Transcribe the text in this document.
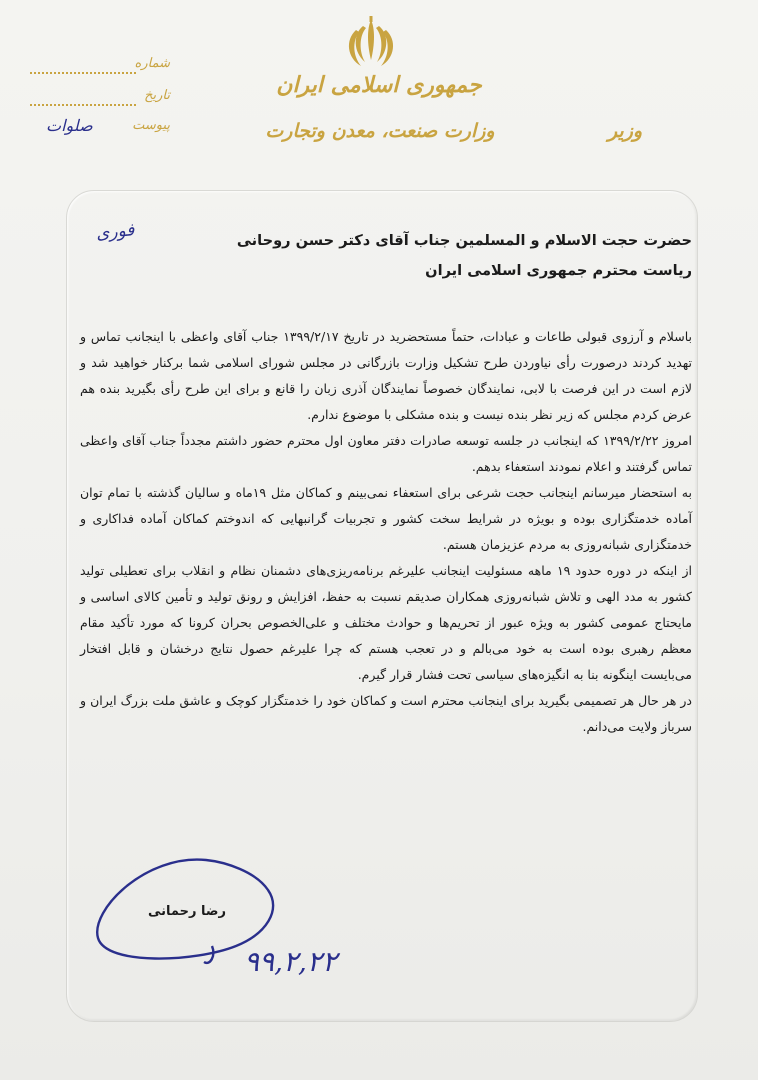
جمهوری اسلامی ایران
وزارت صنعت، معدن وتجارت	وزیر
شماره
تاریخ
پیوست
صلوات
فوری	حضرت حجت الاسلام و المسلمین جناب آقای دکتر حسن روحانی
ریاست محترم جمهوری اسلامی ایران
باسلام و آرزوی قبولی طاعات و عبادات، حتماً مستحضرید در تاریخ ۱۳۹۹/۲/۱۷ جناب آقای واعظی با اینجانب تماس و تهدید کردند درصورت رأی نیاوردن طرح تشکیل وزارت بازرگانی در مجلس شورای اسلامی شما برکنار خواهید شد و لازم است در این فرصت با لابی، نمایندگان خصوصاً نمایندگان آذری زبان را قانع و برای این طرح رأی بگیرید بنده هم عرض کردم مجلس که زیر نظر بنده نیست و بنده مشکلی با موضوع ندارم.
امروز ۱۳۹۹/۲/۲۲ که اینجانب در جلسه توسعه صادرات دفتر معاون اول محترم حضور داشتم مجدداً جناب آقای واعظی تماس گرفتند و اعلام نمودند استعفاء بدهم.
به استحضار میرسانم اینجانب حجت شرعی برای استعفاء نمی‌بینم و کماکان مثل ۱۹ماه و سالیان گذشته با تمام توان آماده خدمتگزاری بوده و بویژه در شرایط سخت کشور و تجربیات گرانبهایی که اندوختم کماکان آماده فداکاری و خدمتگزاری شبانه‌روزی به مردم عزیزمان هستم.
از اینکه در دوره حدود ۱۹ ماهه مسئولیت اینجانب علیرغم برنامه‌ریزی‌های دشمنان نظام و انقلاب برای تعطیلی تولید کشور به مدد الهی و تلاش شبانه‌روزی همکاران صدیقم نسبت به حفظ، افزایش و رونق تولید و تأمین کالای اساسی و مایحتاج عمومی کشور به ویژه عبور از تحریم‌ها و حوادث مختلف و علی‌الخصوص بحران کرونا که مورد تأکید مقام معظم رهبری بوده است به خود می‌بالم و در تعجب هستم که چرا علیرغم حصول نتایج درخشان و قابل افتخار می‌بایست اینگونه بنا به انگیزه‌های سیاسی تحت فشار قرار گیرم.
در هر حال هر تصمیمی بگیرید برای اینجانب محترم است و کماکان خود را خدمتگزار کوچک و عاشق ملت بزرگ ایران و سرباز ولایت می‌دانم.
رضا رحمانی
۹۹,۲,۲۲
